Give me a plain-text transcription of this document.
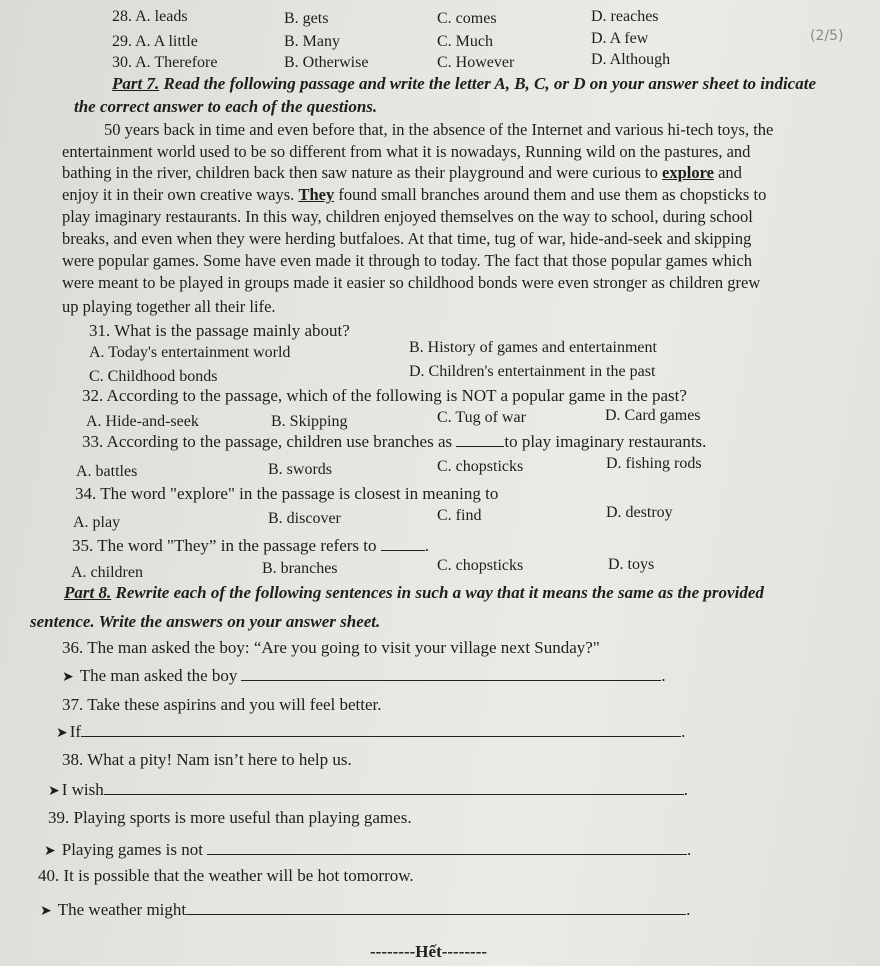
28. A. leads	B. gets	C. comes	D. reaches
29. A. A little	B. Many	C. Much	D. A few
30. A. Therefore	B. Otherwise	C. However	D. Although
(2/5)
Part 7. Read the following passage and write the letter A, B, C, or D on your answer sheet to indicate
the correct answer to each of the questions.
50 years back in time and even before that, in the absence of the Internet and various hi-tech toys, the
entertainment world used to be so different from what it is nowadays, Running wild on the pastures, and
bathing in the river, children back then saw nature as their playground and were curious to explore and
enjoy it in their own creative ways. They found small branches around them and use them as chopsticks to
play imaginary restaurants. In this way, children enjoyed themselves on the way to school, during school
breaks, and even when they were herding butfaloes. At that time, tug of war, hide-and-seek and skipping
were popular games. Some have even made it through to today. The fact that those popular games which
were meant to be played in groups made it easier so childhood bonds were even stronger as children grew
up playing together all their life.
31. What is the passage mainly about?
A. Today's entertainment world	B. History of games and entertainment
C. Childhood bonds	D. Children's entertainment in the past
32. According to the passage, which of the following is NOT a popular game in the past?
A. Hide-and-seek	B. Skipping	C. Tug of war	D. Card games
33. According to the passage, children use branches as	to play imaginary restaurants.
A. battles	B. swords	C. chopsticks	D. fishing rods
34. The word "explore" in the passage is closest in meaning to
A. play	B. discover	C. find	D. destroy
35. The word "They” in the passage refers to	.
A. children	B. branches	C. chopsticks	D. toys
Part 8. Rewrite each of the following sentences in such a way that it means the same as the provided
sentence. Write the answers on your answer sheet.
36. The man asked the boy: “Are you going to visit your village next Sunday?"
➤ The man asked the boy	.
37. Take these aspirins and you will feel better.
➤ If	.
38. What a pity! Nam isn’t here to help us.
➤ I wish	.
39. Playing sports is more useful than playing games.
➤ Playing games is not	.
40. It is possible that the weather will be hot tomorrow.
➤ The weather might	.
--------Hết--------
